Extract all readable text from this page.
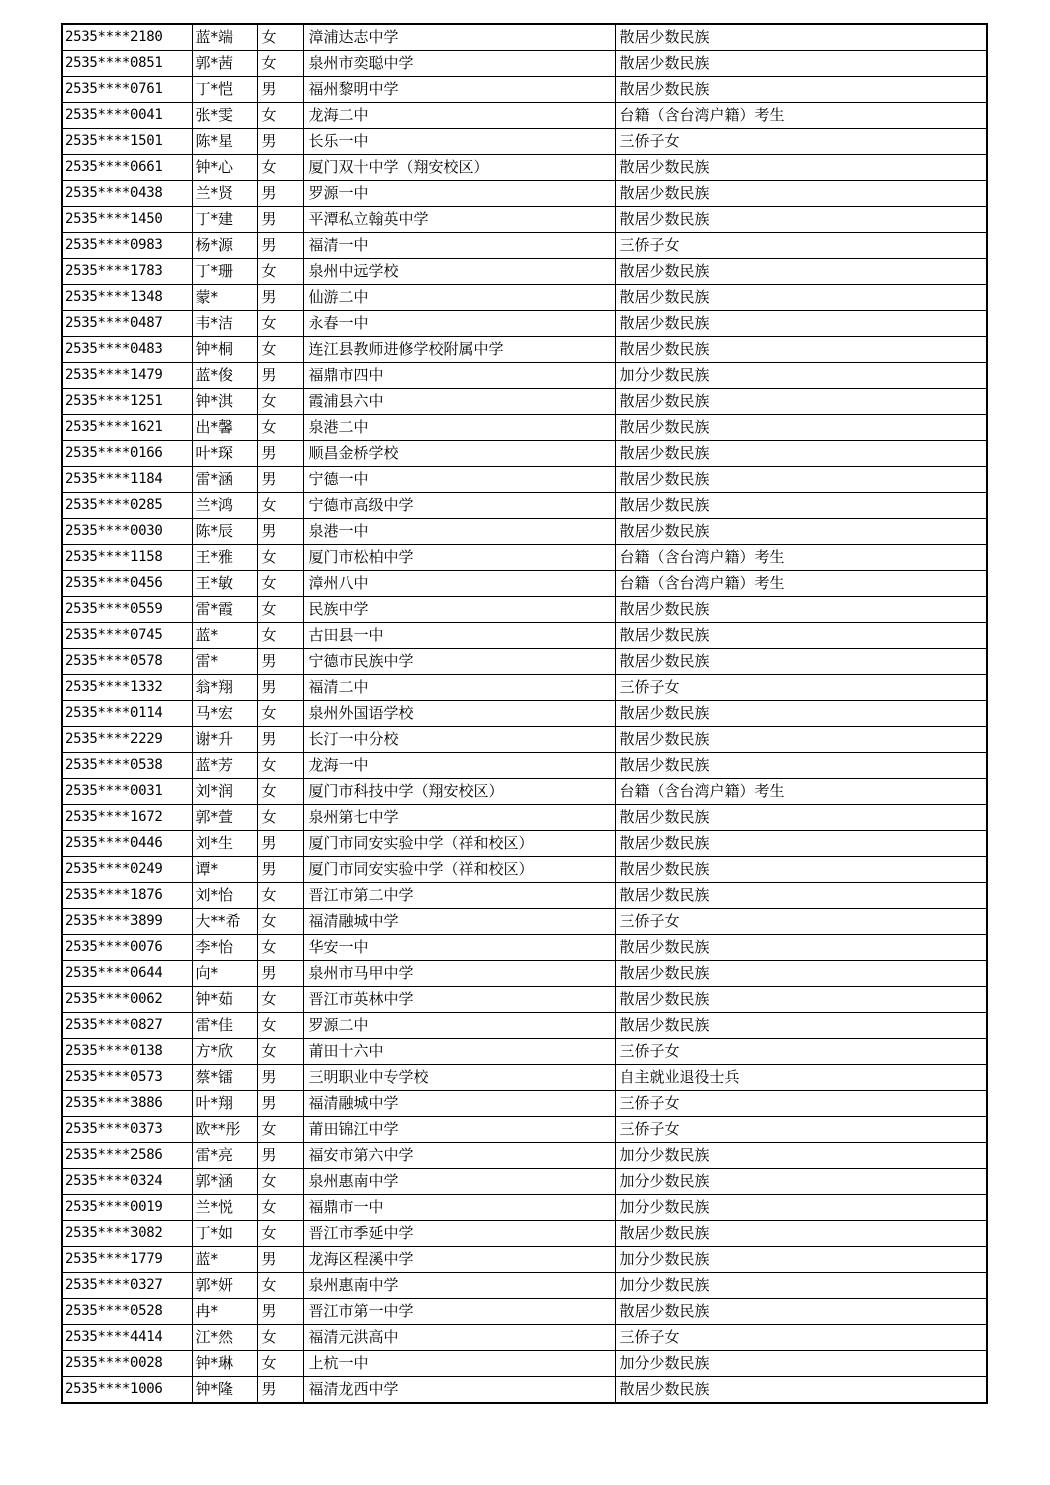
2535****2180	蓝*端	女	漳浦达志中学	散居少数民族
2535****0851	郭*茜	女	泉州市奕聪中学	散居少数民族
2535****0761	丁*恺	男	福州黎明中学	散居少数民族
2535****0041	张*雯	女	龙海二中	台籍（含台湾户籍）考生
2535****1501	陈*星	男	长乐一中	三侨子女
2535****0661	钟*心	女	厦门双十中学（翔安校区）	散居少数民族
2535****0438	兰*贤	男	罗源一中	散居少数民族
2535****1450	丁*建	男	平潭私立翰英中学	散居少数民族
2535****0983	杨*源	男	福清一中	三侨子女
2535****1783	丁*珊	女	泉州中远学校	散居少数民族
2535****1348	蒙*	男	仙游二中	散居少数民族
2535****0487	韦*洁	女	永春一中	散居少数民族
2535****0483	钟*桐	女	连江县教师进修学校附属中学	散居少数民族
2535****1479	蓝*俊	男	福鼎市四中	加分少数民族
2535****1251	钟*淇	女	霞浦县六中	散居少数民族
2535****1621	出*馨	女	泉港二中	散居少数民族
2535****0166	叶*琛	男	顺昌金桥学校	散居少数民族
2535****1184	雷*涵	男	宁德一中	散居少数民族
2535****0285	兰*鸿	女	宁德市高级中学	散居少数民族
2535****0030	陈*辰	男	泉港一中	散居少数民族
2535****1158	王*雅	女	厦门市松柏中学	台籍（含台湾户籍）考生
2535****0456	王*敏	女	漳州八中	台籍（含台湾户籍）考生
2535****0559	雷*霞	女	民族中学	散居少数民族
2535****0745	蓝*	女	古田县一中	散居少数民族
2535****0578	雷*	男	宁德市民族中学	散居少数民族
2535****1332	翁*翔	男	福清二中	三侨子女
2535****0114	马*宏	女	泉州外国语学校	散居少数民族
2535****2229	谢*升	男	长汀一中分校	散居少数民族
2535****0538	蓝*芳	女	龙海一中	散居少数民族
2535****0031	刘*润	女	厦门市科技中学（翔安校区）	台籍（含台湾户籍）考生
2535****1672	郭*萱	女	泉州第七中学	散居少数民族
2535****0446	刘*生	男	厦门市同安实验中学（祥和校区）	散居少数民族
2535****0249	谭*	男	厦门市同安实验中学（祥和校区）	散居少数民族
2535****1876	刘*怡	女	晋江市第二中学	散居少数民族
2535****3899	大**希	女	福清融城中学	三侨子女
2535****0076	李*怡	女	华安一中	散居少数民族
2535****0644	向*	男	泉州市马甲中学	散居少数民族
2535****0062	钟*茹	女	晋江市英林中学	散居少数民族
2535****0827	雷*佳	女	罗源二中	散居少数民族
2535****0138	方*欣	女	莆田十六中	三侨子女
2535****0573	蔡*镭	男	三明职业中专学校	自主就业退役士兵
2535****3886	叶*翔	男	福清融城中学	三侨子女
2535****0373	欧**彤	女	莆田锦江中学	三侨子女
2535****2586	雷*亮	男	福安市第六中学	加分少数民族
2535****0324	郭*涵	女	泉州惠南中学	加分少数民族
2535****0019	兰*悦	女	福鼎市一中	加分少数民族
2535****3082	丁*如	女	晋江市季延中学	散居少数民族
2535****1779	蓝*	男	龙海区程溪中学	加分少数民族
2535****0327	郭*妍	女	泉州惠南中学	加分少数民族
2535****0528	冉*	男	晋江市第一中学	散居少数民族
2535****4414	江*然	女	福清元洪高中	三侨子女
2535****0028	钟*琳	女	上杭一中	加分少数民族
2535****1006	钟*隆	男	福清龙西中学	散居少数民族
